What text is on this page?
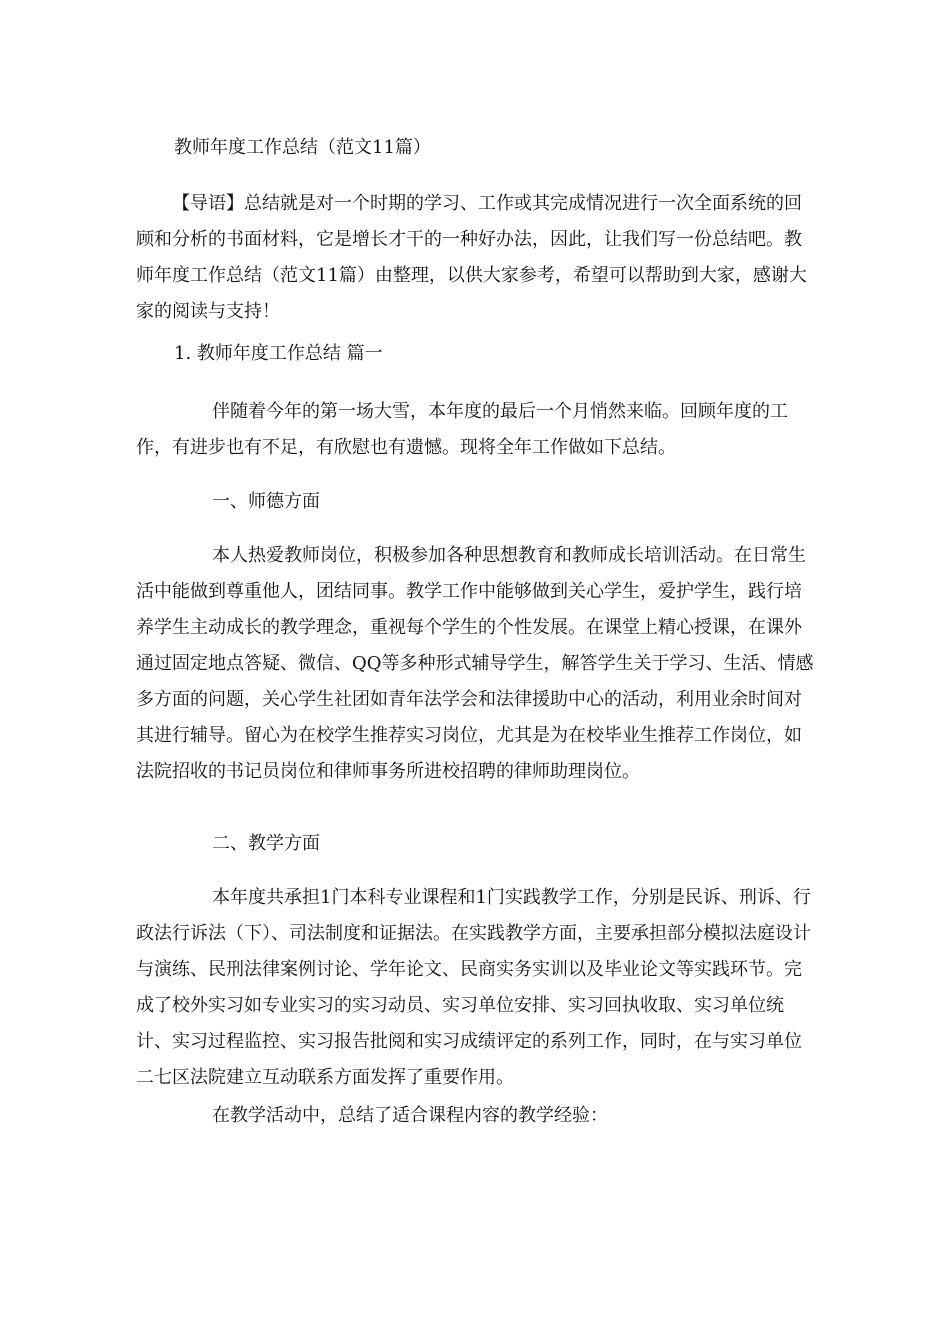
教师年度工作总结（范文11篇）

【导语】总结就是对一个时期的学习、工作或其完成情况进行一次全面系统的回顾和分析的书面材料，它是增长才干的一种好办法，因此，让我们写一份总结吧。教师年度工作总结（范文11篇）由整理，以供大家参考，希望可以帮助到大家，感谢大家的阅读与支持！

1. 教师年度工作总结 篇一

伴随着今年的第一场大雪，本年度的最后一个月悄然来临。回顾年度的工作，有进步也有不足，有欣慰也有遗憾。现将全年工作做如下总结。

一、师德方面

本人热爱教师岗位，积极参加各种思想教育和教师成长培训活动。在日常生活中能做到尊重他人，团结同事。教学工作中能够做到关心学生，爱护学生，践行培养学生主动成长的教学理念，重视每个学生的个性发展。在课堂上精心授课，在课外通过固定地点答疑、微信、QQ等多种形式辅导学生，解答学生关于学习、生活、情感多方面的问题，关心学生社团如青年法学会和法律援助中心的活动，利用业余时间对其进行辅导。留心为在校学生推荐实习岗位，尤其是为在校毕业生推荐工作岗位，如法院招收的书记员岗位和律师事务所进校招聘的律师助理岗位。

二、教学方面

本年度共承担1门本科专业课程和1门实践教学工作，分别是民诉、刑诉、行政法行诉法（下）、司法制度和证据法。在实践教学方面，主要承担部分模拟法庭设计与演练、民刑法律案例讨论、学年论文、民商实务实训以及毕业论文等实践环节。完成了校外实习如专业实习的实习动员、实习单位安排、实习回执收取、实习单位统计、实习过程监控、实习报告批阅和实习成绩评定的系列工作，同时，在与实习单位二七区法院建立互动联系方面发挥了重要作用。

在教学活动中，总结了适合课程内容的教学经验：
